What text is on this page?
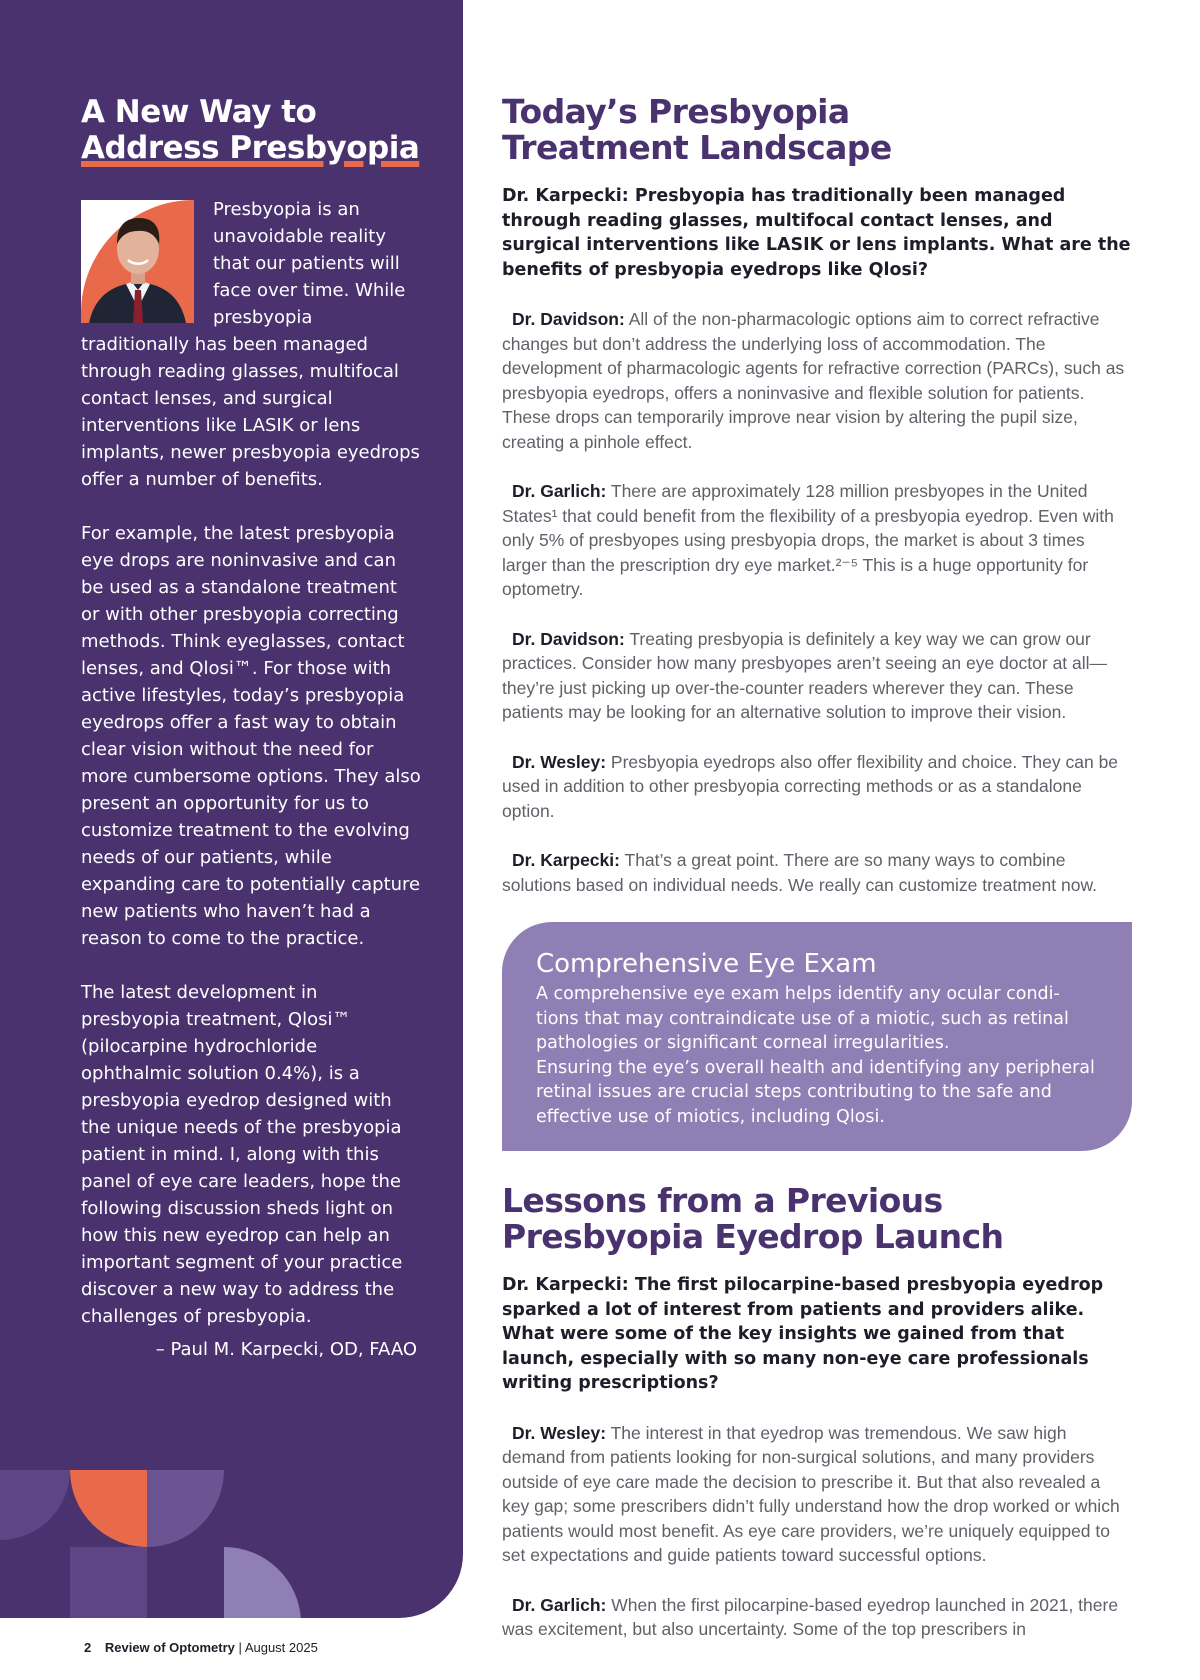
A New Way to
Address Presbyopia

Presbyopia is an unavoidable reality that our patients will face over time. While presbyopia traditionally has been managed through reading glasses, multifocal contact lenses, and surgical interventions like LASIK or lens implants, newer presbyopia eyedrops offer a number of benefits.

For example, the latest presbyopia eye drops are noninvasive and can be used as a standalone treatment or with other presbyopia correcting methods. Think eyeglasses, contact lenses, and Qlosi™. For those with active lifestyles, today’s presbyopia eyedrops offer a fast way to obtain clear vision without the need for more cumbersome options. They also present an opportunity for us to customize treatment to the evolving needs of our patients, while expanding care to potentially capture new patients who haven’t had a reason to come to the practice.

The latest development in presbyopia treatment, Qlosi™ (pilocarpine hydrochloride ophthalmic solution 0.4%), is a presbyopia eyedrop designed with the unique needs of the presbyopia patient in mind. I, along with this panel of eye care leaders, hope the following discussion sheds light on how this new eyedrop can help an important segment of your practice discover a new way to address the challenges of presbyopia.

– Paul M. Karpecki, OD, FAAO

Today’s Presbyopia
Treatment Landscape

Dr. Karpecki: Presbyopia has traditionally been managed through reading glasses, multifocal contact lenses, and surgical interventions like LASIK or lens implants. What are the benefits of presbyopia eyedrops like Qlosi?

Dr. Davidson: All of the non-pharmacologic options aim to correct refractive changes but don’t address the underlying loss of accommodation. The development of pharmacologic agents for refractive correction (PARCs), such as presbyopia eyedrops, offers a noninvasive and flexible solution for patients. These drops can temporarily improve near vision by altering the pupil size, creating a pinhole effect.

Dr. Garlich: There are approximately 128 million presbyopes in the United States¹ that could benefit from the flexibility of a presbyopia eyedrop. Even with only 5% of presbyopes using presbyopia drops, the market is about 3 times larger than the prescription dry eye market.²⁻⁵ This is a huge opportunity for optometry.

Dr. Davidson: Treating presbyopia is definitely a key way we can grow our practices. Consider how many presbyopes aren’t seeing an eye doctor at all—they’re just picking up over-the-counter readers wherever they can. These patients may be looking for an alternative solution to improve their vision.

Dr. Wesley: Presbyopia eyedrops also offer flexibility and choice. They can be used in addition to other presbyopia correcting methods or as a standalone option.

Dr. Karpecki: That’s a great point. There are so many ways to combine solutions based on individual needs. We really can customize treatment now.

Comprehensive Eye Exam

A comprehensive eye exam helps identify any ocular conditions that may contraindicate use of a miotic, such as retinal pathologies or significant corneal irregularities.

Ensuring the eye’s overall health and identifying any peripheral retinal issues are crucial steps contributing to the safe and effective use of miotics, including Qlosi.

Lessons from a Previous
Presbyopia Eyedrop Launch

Dr. Karpecki: The first pilocarpine-based presbyopia eyedrop sparked a lot of interest from patients and providers alike. What were some of the key insights we gained from that launch, especially with so many non-eye care professionals writing prescriptions?

Dr. Wesley: The interest in that eyedrop was tremendous. We saw high demand from patients looking for non-surgical solutions, and many providers outside of eye care made the decision to prescribe it. But that also revealed a key gap; some prescribers didn’t fully understand how the drop worked or which patients would most benefit. As eye care providers, we’re uniquely equipped to set expectations and guide patients toward successful options.

Dr. Garlich: When the first pilocarpine-based eyedrop launched in 2021, there was excitement, but also uncertainty. Some of the top prescribers in

2 Review of Optometry | August 2025
